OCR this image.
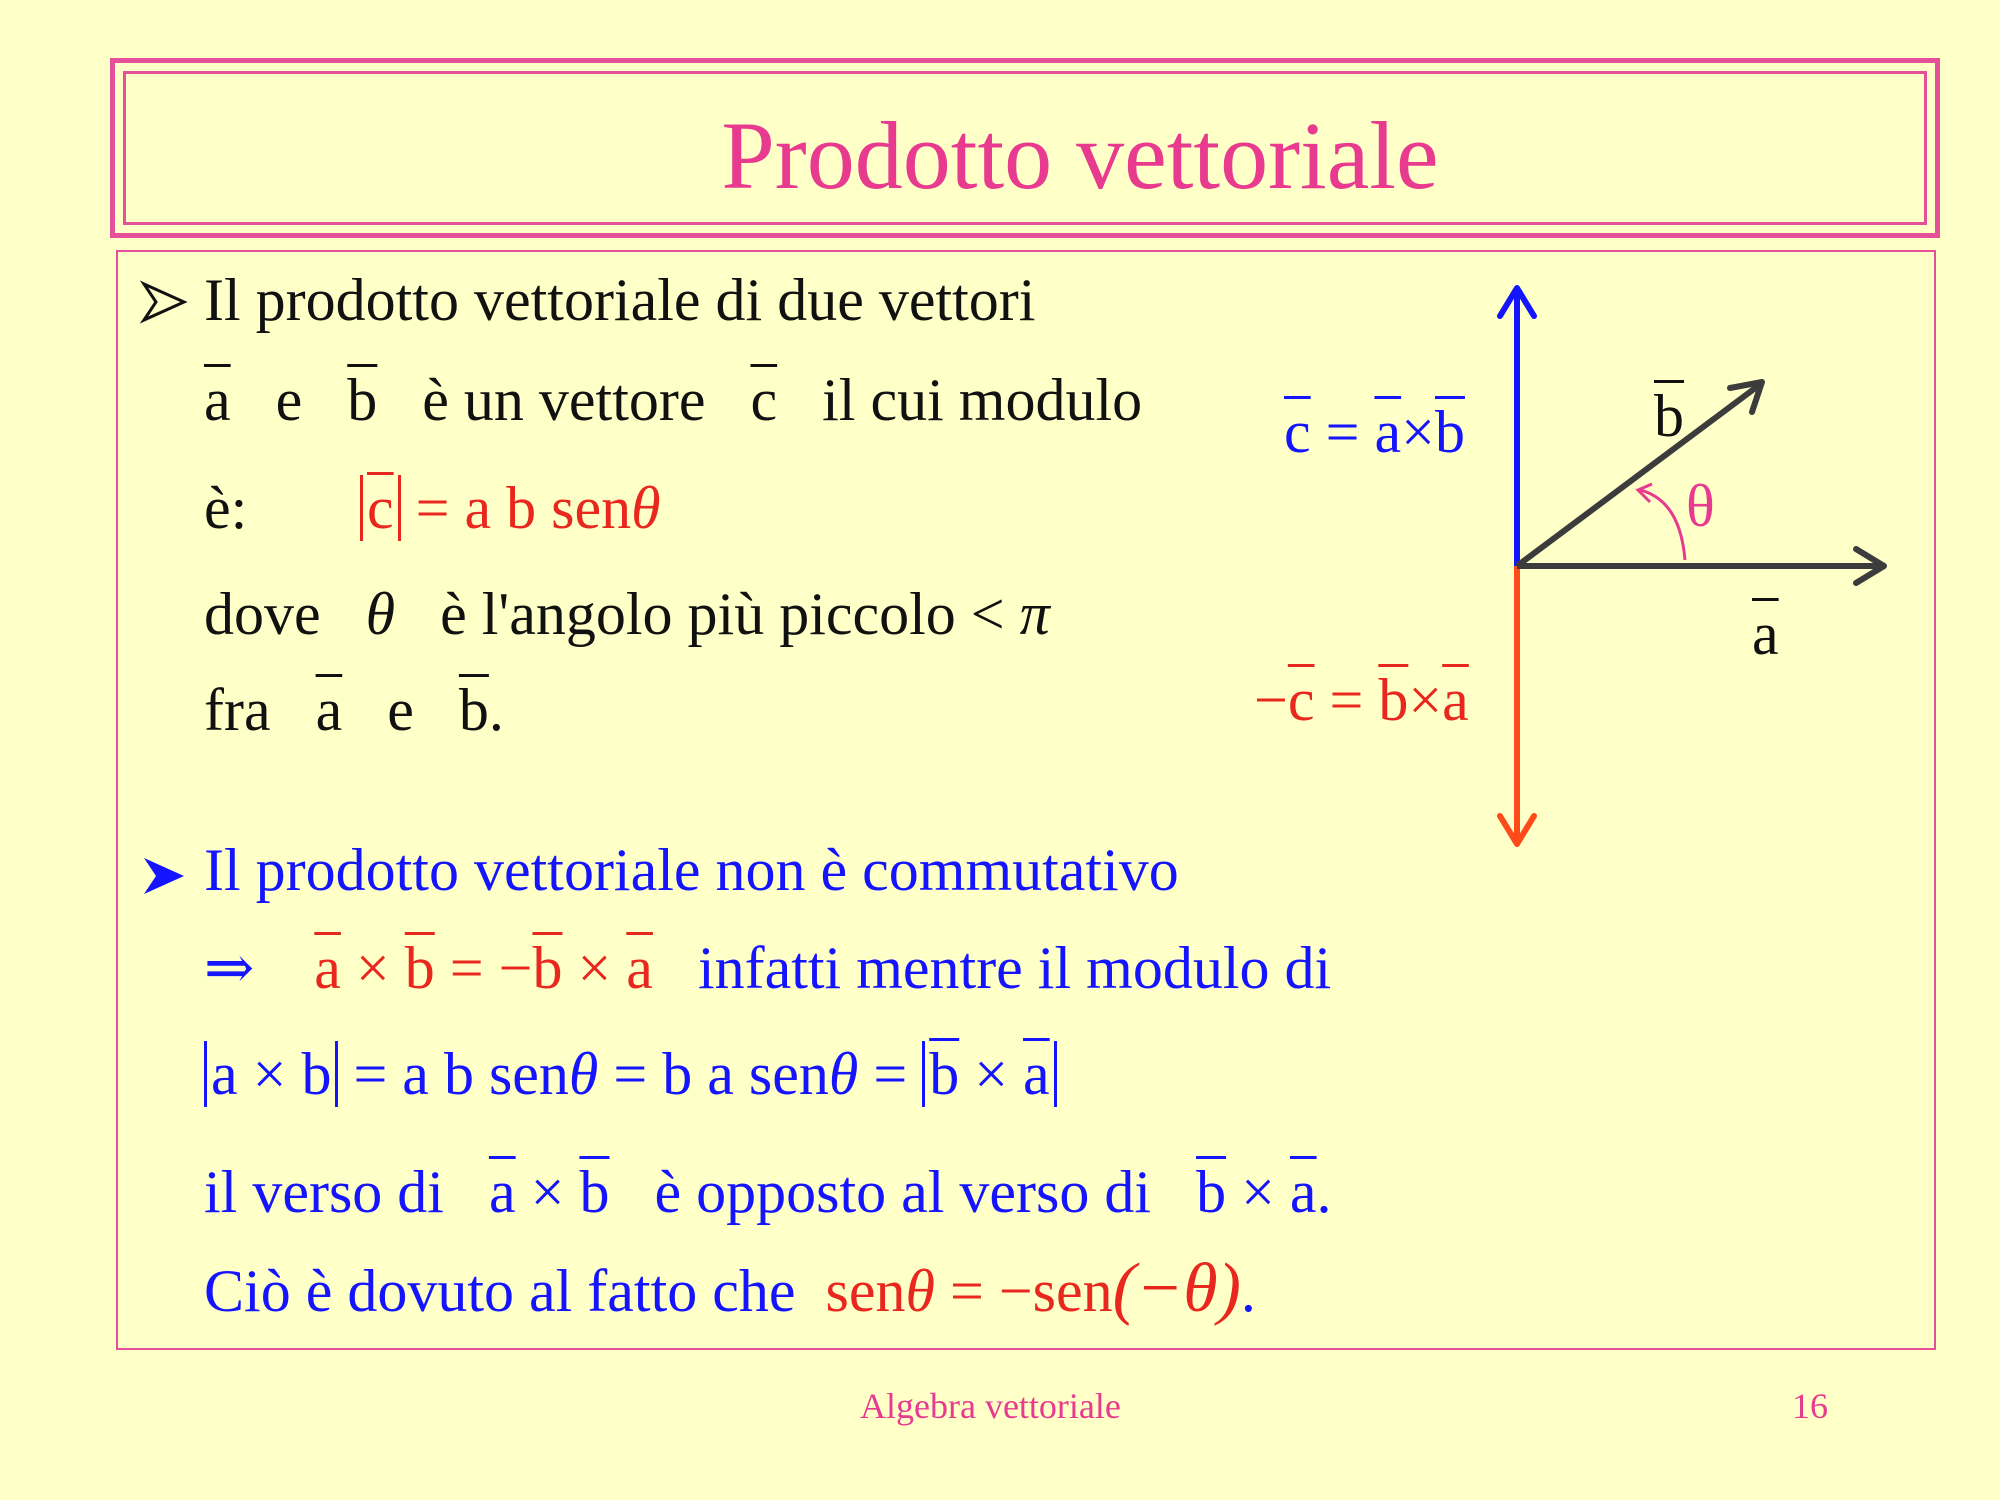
Prodotto vettoriale
Il prodotto vettoriale di due vettori
$\overline{a}$ e $\overline{b}$ è un vettore $\overline{c}$ il cui modulo
è: $\overline{c} = a$ b senθ
dove θ è l'angolo più piccolo < π
fra $\overline{a}$ e $\overline{b}$.
Il prodotto vettoriale non è commutativo
⇒ $\overline{a} \times \overline{b} = -\overline{b} \times \overline{a}$ infatti mentre il modulo di
a × b = a b senθ = b a $sen\theta = \overline{b} \times \overline{a}$
il verso di $\overline{a} \times \overline{b}$ è opposto al verso di $\overline{b} \times \overline{a}$.
Ciò è dovuto al fatto che senθ = −sen(−θ).
$\overline{c} = \overline{a}\times\overline{b}$	$\overline{b}$
θ
$\overline{a}$
$-\overline{c} = \overline{b}\times\overline{a}$
Algebra vettoriale	16
